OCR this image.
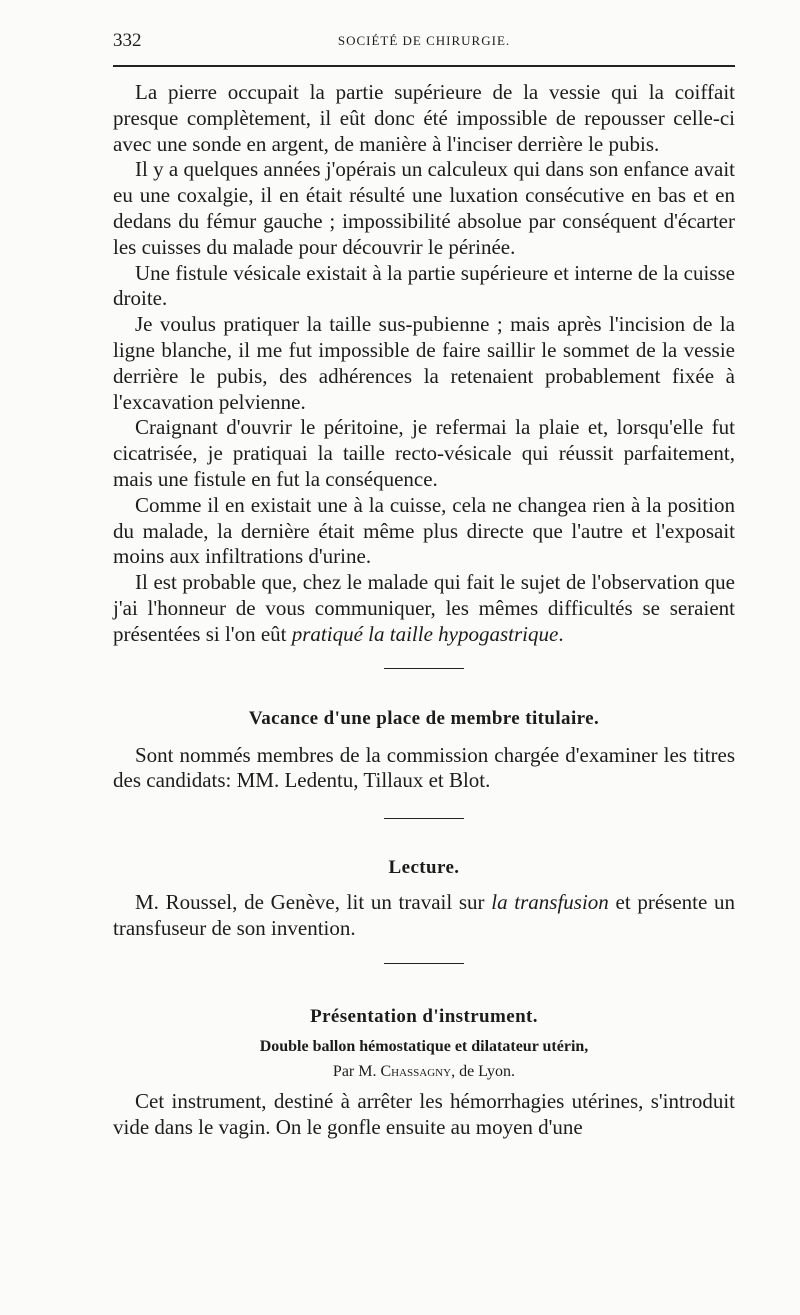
332	SOCIÉTÉ DE CHIRURGIE.

La pierre occupait la partie supérieure de la vessie qui la coiffait presque complètement, il eût donc été impossible de repousser celle-ci avec une sonde en argent, de manière à l'inciser derrière le pubis.

Il y a quelques années j'opérais un calculeux qui dans son enfance avait eu une coxalgie, il en était résulté une luxation consécutive en bas et en dedans du fémur gauche ; impossibilité absolue par conséquent d'écarter les cuisses du malade pour découvrir le périnée.

Une fistule vésicale existait à la partie supérieure et interne de la cuisse droite.

Je voulus pratiquer la taille sus-pubienne ; mais après l'incision de la ligne blanche, il me fut impossible de faire saillir le sommet de la vessie derrière le pubis, des adhérences la retenaient probablement fixée à l'excavation pelvienne.

Craignant d'ouvrir le péritoine, je refermai la plaie et, lorsqu'elle fut cicatrisée, je pratiquai la taille recto-vésicale qui réussit parfaitement, mais une fistule en fut la conséquence.

Comme il en existait une à la cuisse, cela ne changea rien à la position du malade, la dernière était même plus directe que l'autre et l'exposait moins aux infiltrations d'urine.

Il est probable que, chez le malade qui fait le sujet de l'observation que j'ai l'honneur de vous communiquer, les mêmes difficultés se seraient présentées si l'on eût pratiqué la taille hypogastrique.

Vacance d'une place de membre titulaire.

Sont nommés membres de la commission chargée d'examiner les titres des candidats: MM. Ledentu, Tillaux et Blot.

Lecture.

M. Roussel, de Genève, lit un travail sur la transfusion et présente un transfuseur de son invention.

Présentation d'instrument.

Double ballon hémostatique et dilatateur utérin,

Par M. Chassagny, de Lyon.

Cet instrument, destiné à arrêter les hémorrhagies utérines, s'introduit vide dans le vagin. On le gonfle ensuite au moyen d'une
